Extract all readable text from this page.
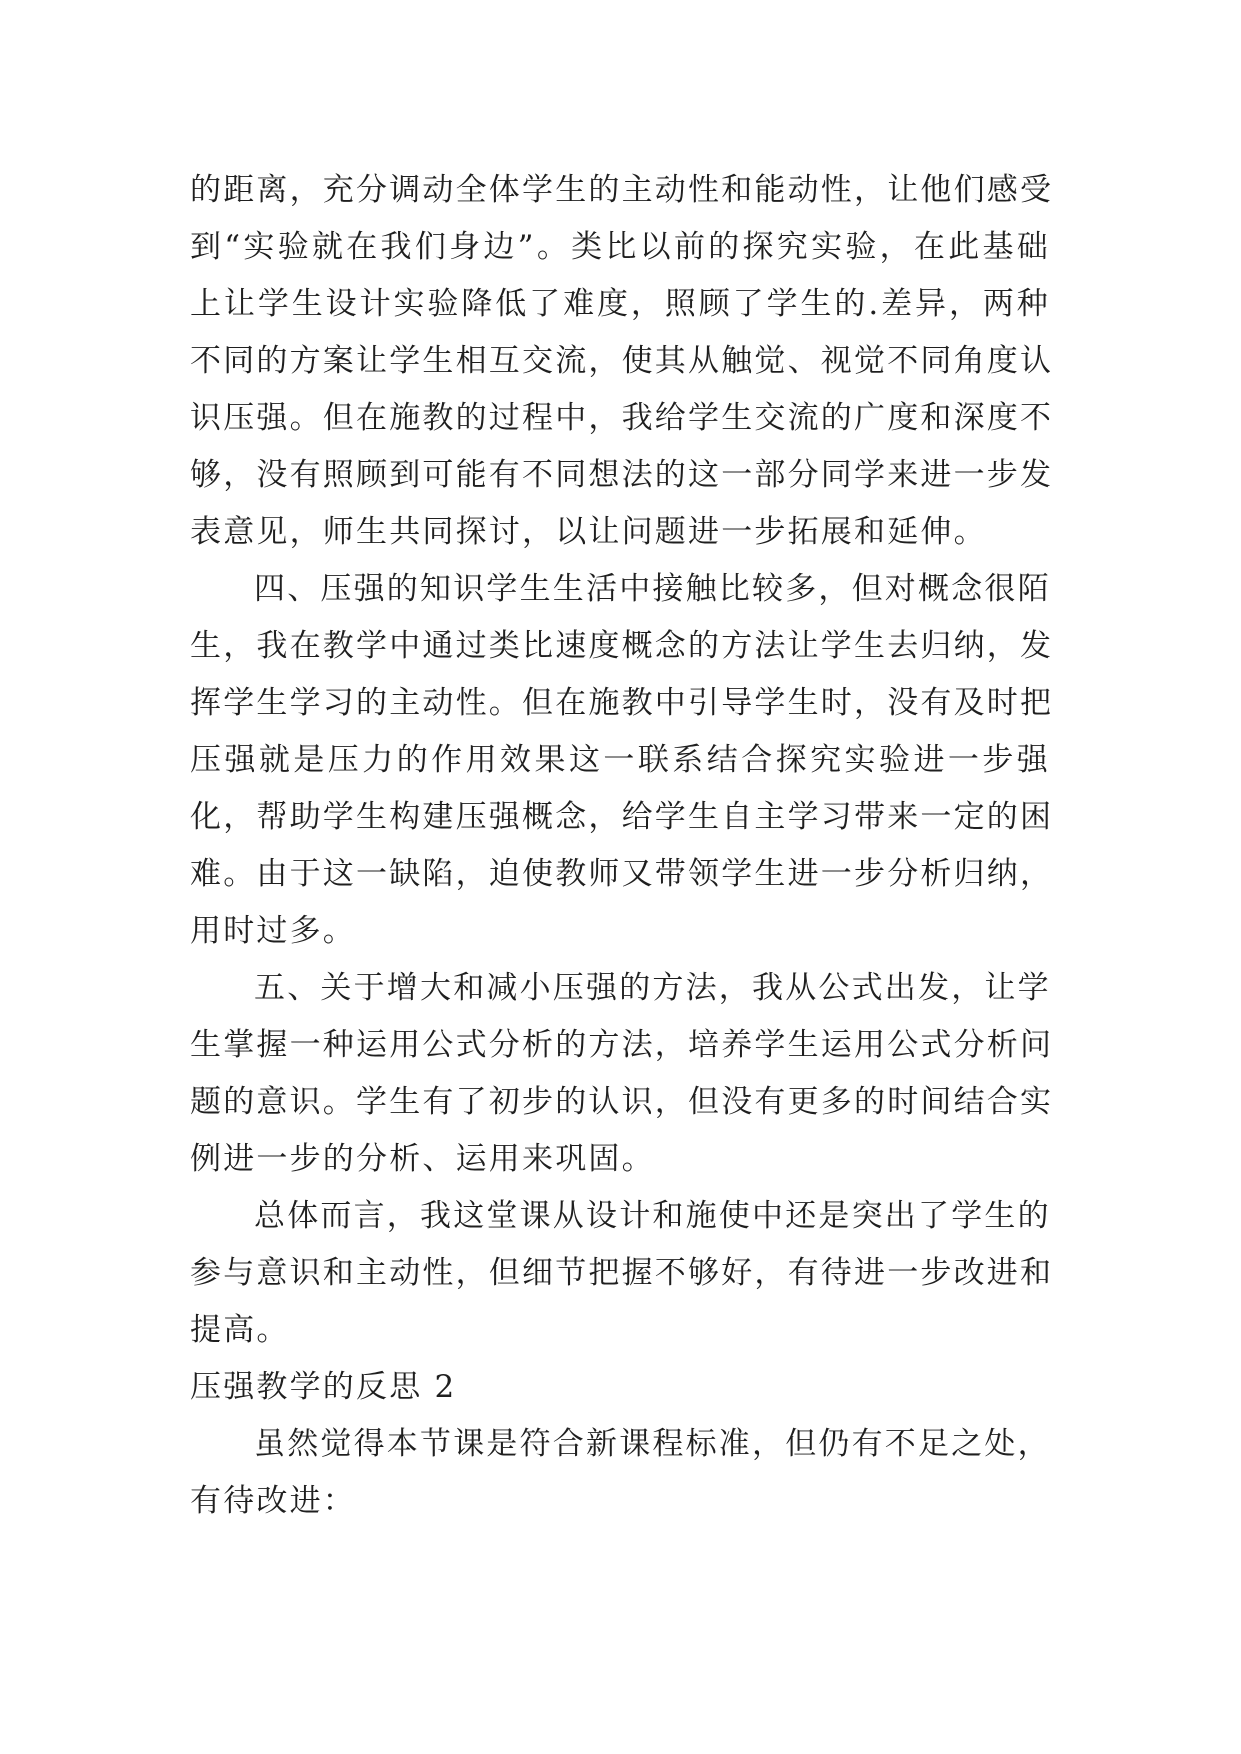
的距离，充分调动全体学生的主动性和能动性，让他们感受
到“实验就在我们身边”。类比以前的探究实验，在此基础
上让学生设计实验降低了难度，照顾了学生的.差异，两种
不同的方案让学生相互交流，使其从触觉、视觉不同角度认
识压强。但在施教的过程中，我给学生交流的广度和深度不
够，没有照顾到可能有不同想法的这一部分同学来进一步发
表意见，师生共同探讨，以让问题进一步拓展和延伸。
四、压强的知识学生生活中接触比较多，但对概念很陌
生，我在教学中通过类比速度概念的方法让学生去归纳，发
挥学生学习的主动性。但在施教中引导学生时，没有及时把
压强就是压力的作用效果这一联系结合探究实验进一步强
化，帮助学生构建压强概念，给学生自主学习带来一定的困
难。由于这一缺陷，迫使教师又带领学生进一步分析归纳，
用时过多。
五、关于增大和减小压强的方法，我从公式出发，让学
生掌握一种运用公式分析的方法，培养学生运用公式分析问
题的意识。学生有了初步的认识，但没有更多的时间结合实
例进一步的分析、运用来巩固。
总体而言，我这堂课从设计和施使中还是突出了学生的
参与意识和主动性，但细节把握不够好，有待进一步改进和
提高。
压强教学的反思 2
虽然觉得本节课是符合新课程标准，但仍有不足之处，
有待改进：
